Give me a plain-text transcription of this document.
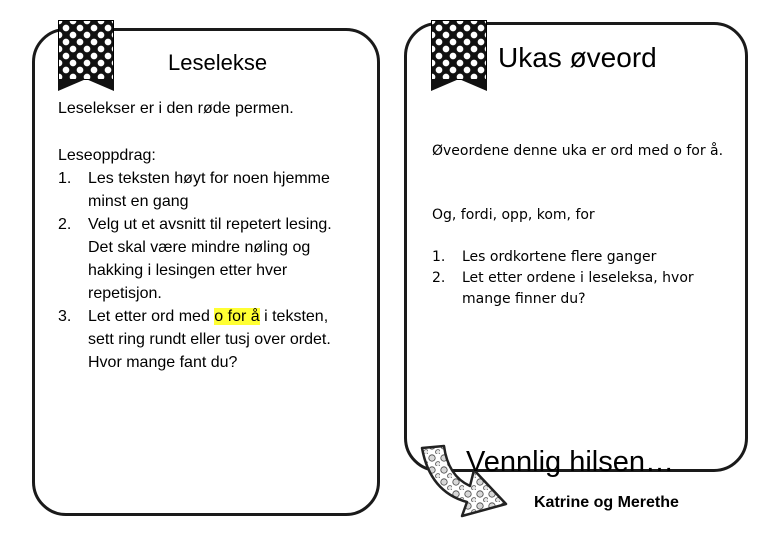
Leselekse
Leselekser er i den røde permen.
Leseoppdrag:
1. Les teksten høyt for noen hjemme minst en gang
2. Velg ut et avsnitt til repetert lesing. Det skal være mindre nøling og hakking i lesingen etter hver repetisjon.
3. Let etter ord med o for å i teksten, sett ring rundt eller tusj over ordet. Hvor mange fant du?
Ukas øveord
Øveordene denne uka er ord med o for å.
Og, fordi, opp, kom, for
1. Les ordkortene flere ganger
2. Let etter ordene i leseleksa, hvor mange finner du?
Vennlig hilsen…
Katrine og Merethe
